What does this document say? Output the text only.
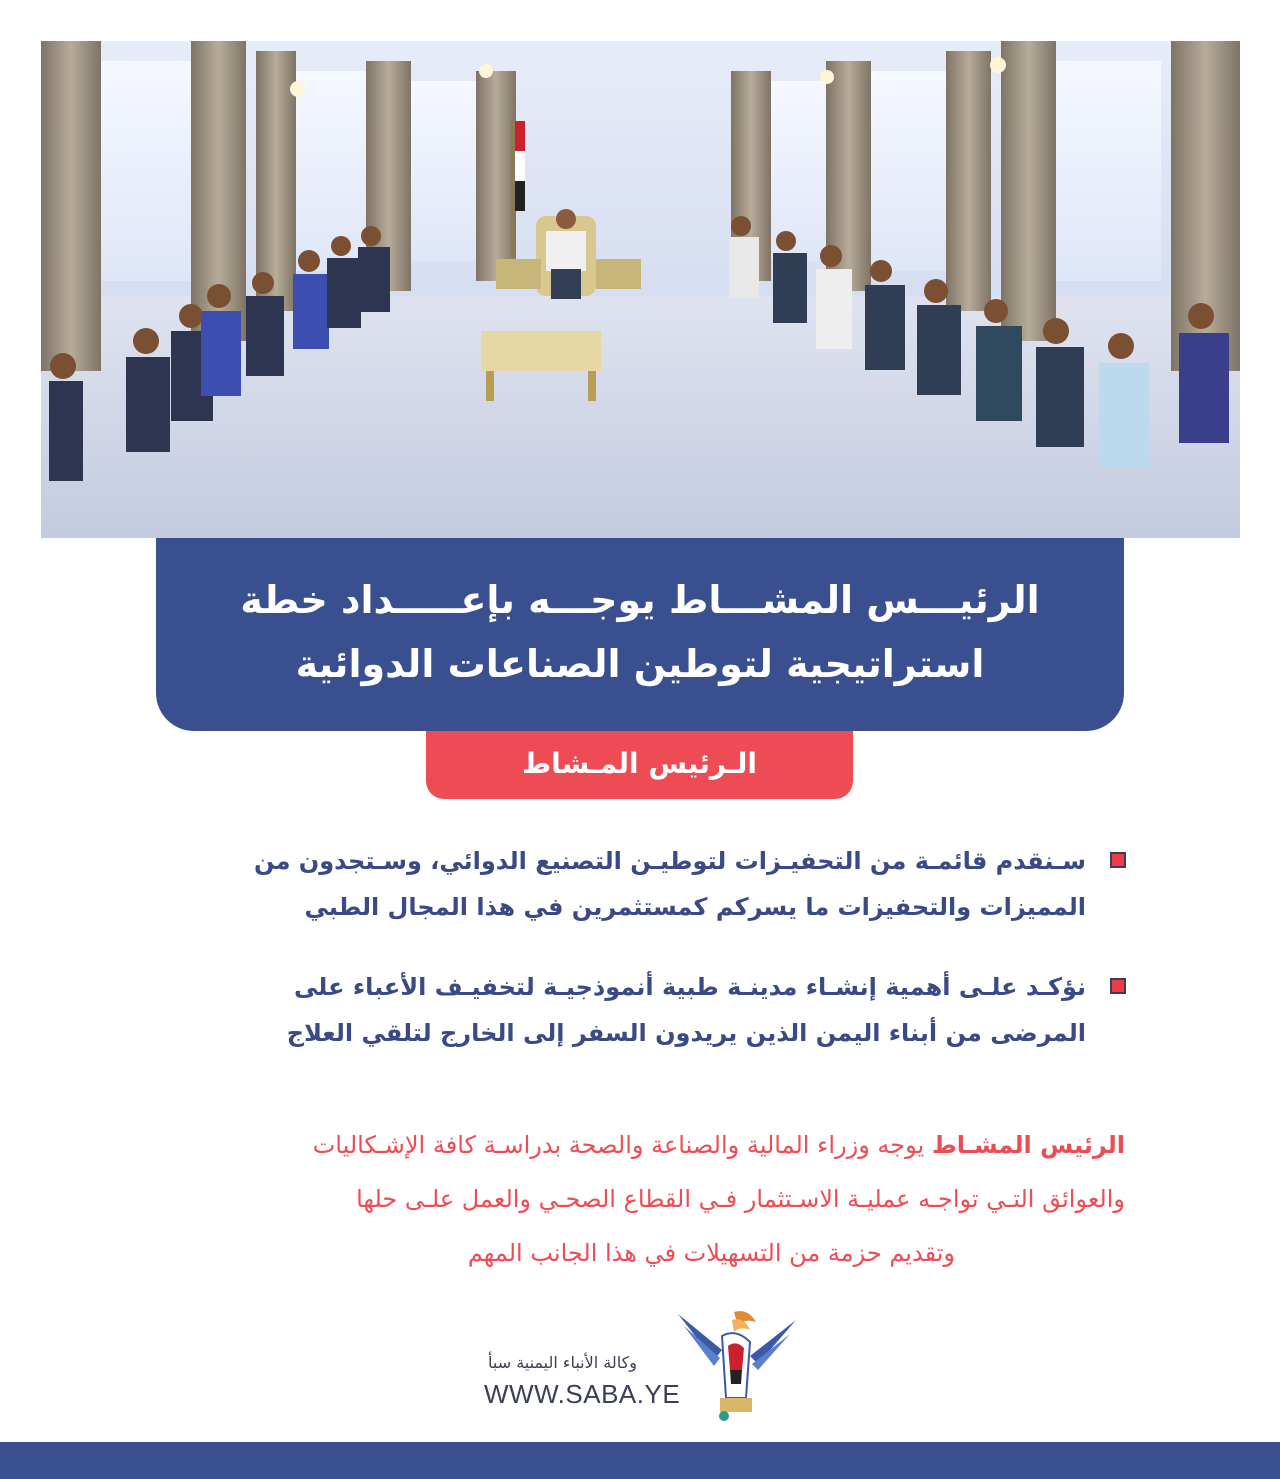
الرئيـــس المشـــاط يوجـــه بإعـــــداد خطة
استراتيجية لتوطين الصناعات الدوائية
الـرئيس المـشاط
سـنقدم قائمـة من التحفيـزات لتوطيـن التصنيع الدوائي، وسـتجدون من
المميزات والتحفيزات ما يسركم كمستثمرين في هذا المجال الطبي
نؤكـد علـى أهمية إنشـاء مدينـة طبية أنموذجيـة لتخفيـف الأعباء على
المرضى من أبناء اليمن الذين يريدون السفر إلى الخارج لتلقي العلاج
الرئيس المشـاط يوجه وزراء المالية والصناعة والصحة بدراسـة كافة الإشـكاليات
والعوائق التـي تواجـه عمليـة الاسـتثمار فـي القطاع الصحـي والعمل علـى حلها
وتقديم حزمة من التسهيلات في هذا الجانب المهم
وكالة الأنباء اليمنية سبأ
WWW.SABA.YE
